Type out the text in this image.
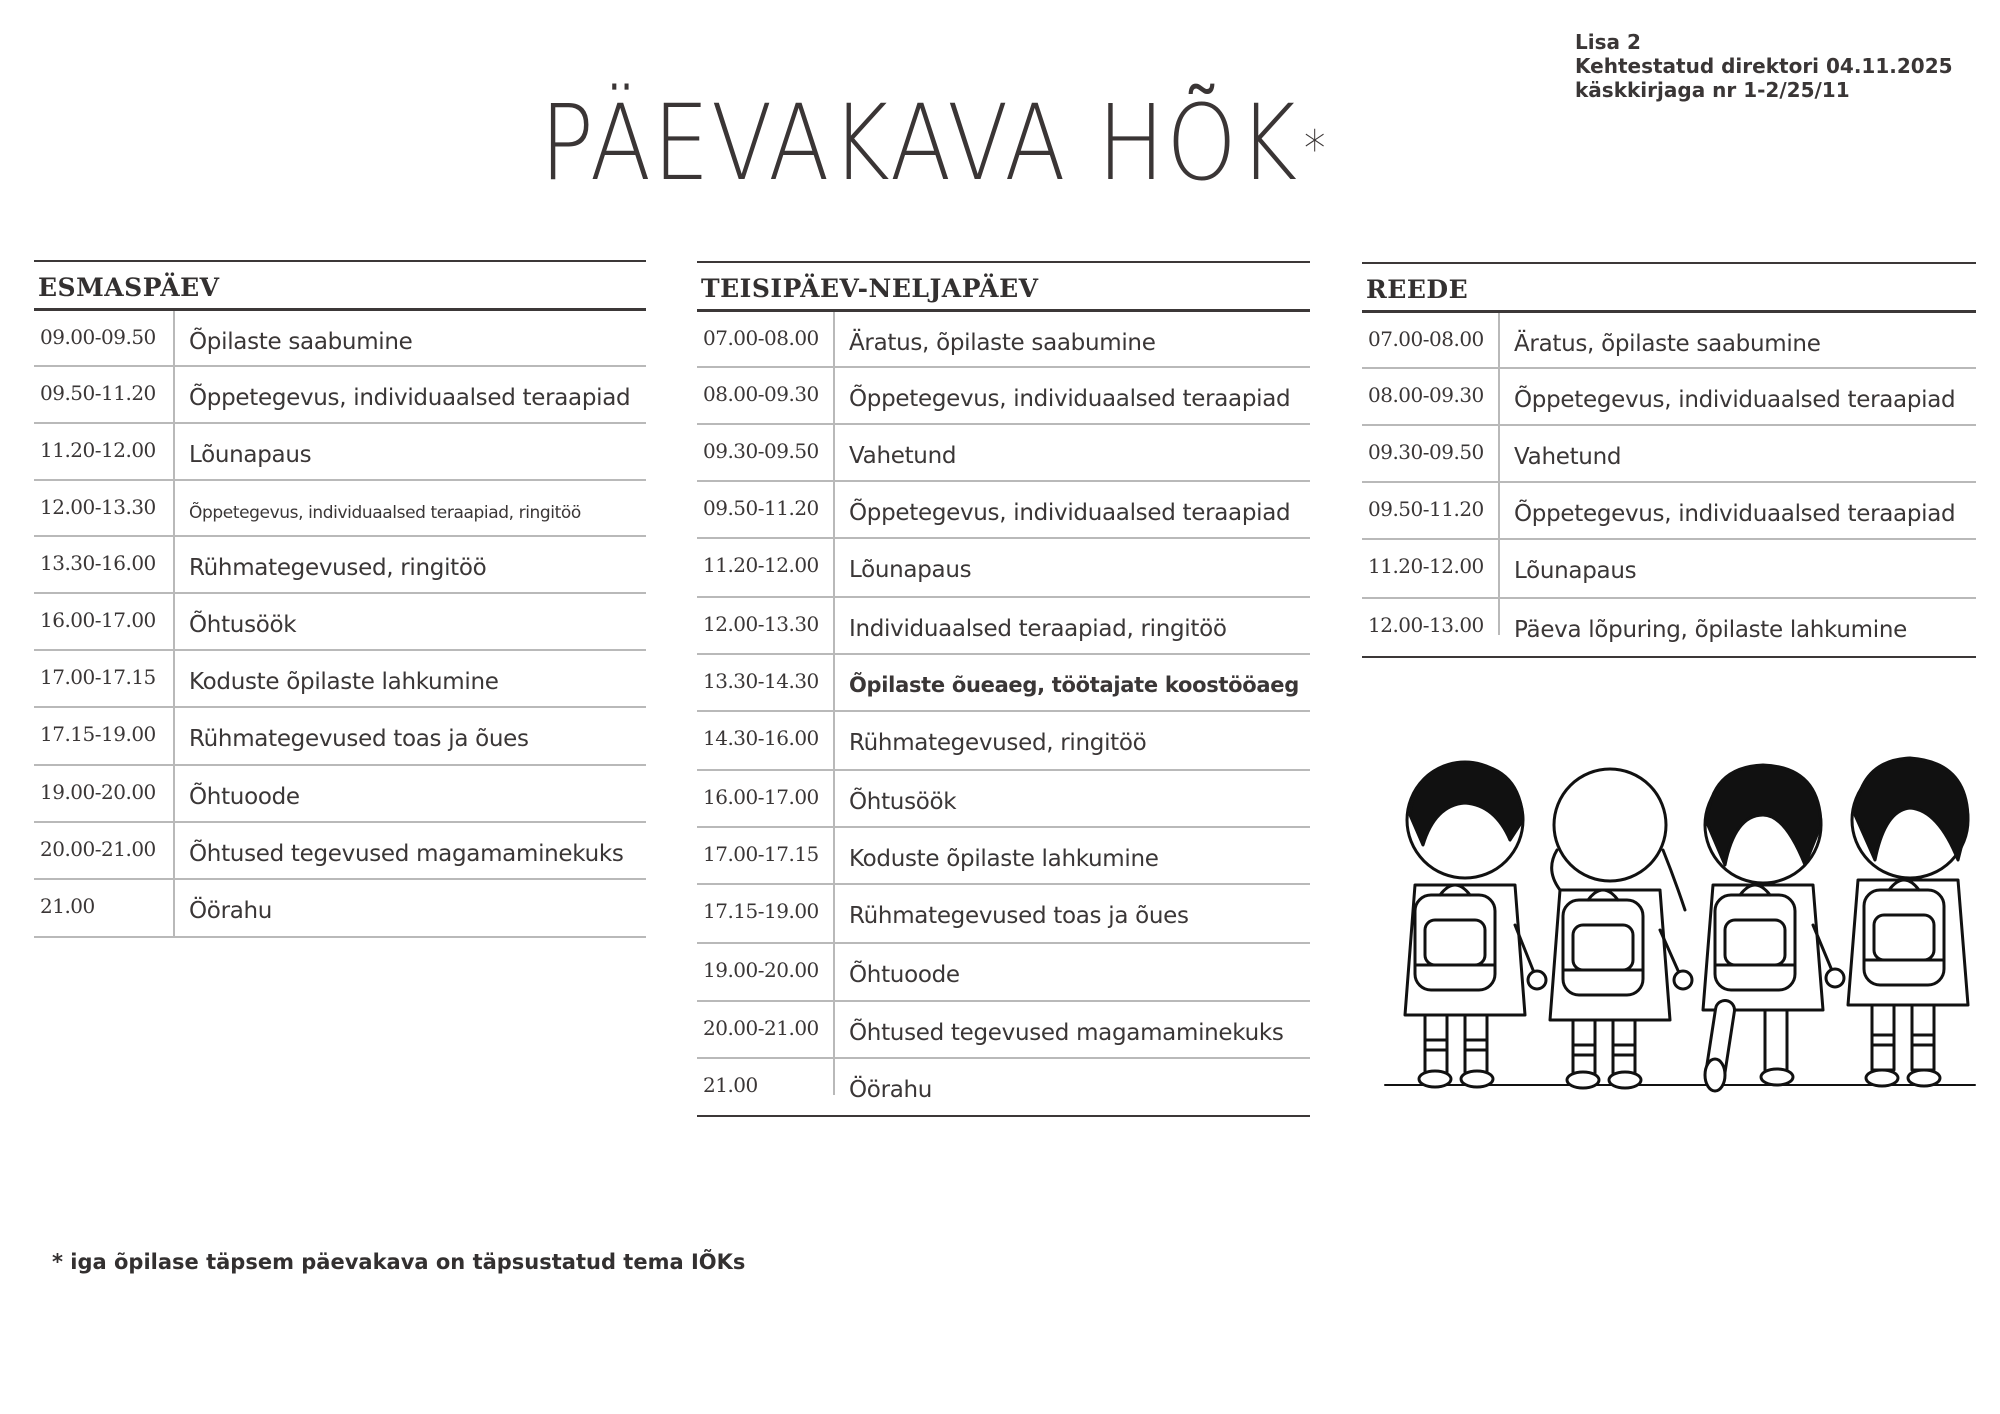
Lisa 2
Kehtestatud direktori 04.11.2025
käskkirjaga nr 1-2/25/11
PÄEVAKAVA HÕK *
ESMASPÄEV
09.00-09.50	Õpilaste saabumine
09.50-11.20	Õppetegevus, individuaalsed teraapiad
11.20-12.00	Lõunapaus
12.00-13.30	Õppetegevus, individuaalsed teraapiad, ringitöö
13.30-16.00	Rühmategevused, ringitöö
16.00-17.00	Õhtusöök
17.00-17.15	Koduste õpilaste lahkumine
17.15-19.00	Rühmategevused toas ja õues
19.00-20.00	Õhtuoode
20.00-21.00	Õhtused tegevused magamaminekuks
21.00	Öörahu
TEISIPÄEV-NELJAPÄEV
07.00-08.00	Äratus, õpilaste saabumine
08.00-09.30	Õppetegevus, individuaalsed teraapiad
09.30-09.50	Vahetund
09.50-11.20	Õppetegevus, individuaalsed teraapiad
11.20-12.00	Lõunapaus
12.00-13.30	Individuaalsed teraapiad, ringitöö
13.30-14.30	Õpilaste õueaeg, töötajate koostööaeg
14.30-16.00	Rühmategevused, ringitöö
16.00-17.00	Õhtusöök
17.00-17.15	Koduste õpilaste lahkumine
17.15-19.00	Rühmategevused toas ja õues
19.00-20.00	Õhtuoode
20.00-21.00	Õhtused tegevused magamaminekuks
21.00	Öörahu
REEDE
07.00-08.00	Äratus, õpilaste saabumine
08.00-09.30	Õppetegevus, individuaalsed teraapiad
09.30-09.50	Vahetund
09.50-11.20	Õppetegevus, individuaalsed teraapiad
11.20-12.00	Lõunapaus
12.00-13.00	Päeva lõpuring, õpilaste lahkumine
* iga õpilase täpsem päevakava on täpsustatud tema IÕKs
